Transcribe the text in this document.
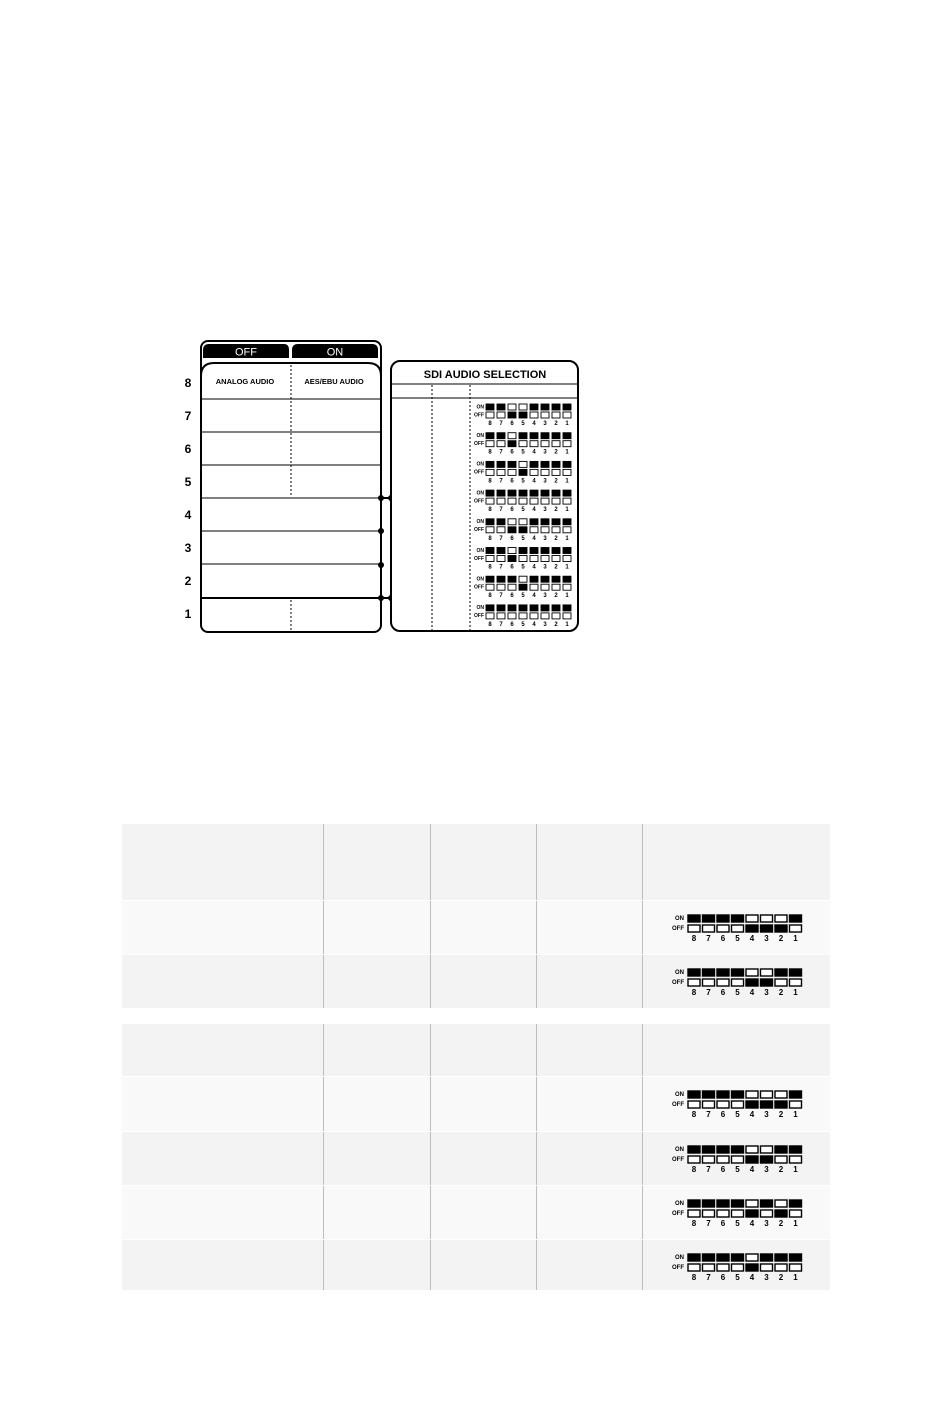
OFF	ON
ANALOG AUDIO	AES/EBU AUDIO
8
7
6
5
4
3
2
1
SDI AUDIO SELECTION
ON
OFF
8 7 6 5 4 3 2 1
ON
OFF
8 7 6 5 4 3 2 1
ON
OFF
8 7 6 5 4 3 2 1
ON
OFF
8 7 6 5 4 3 2 1
ON
OFF
8 7 6 5 4 3 2 1
ON
OFF
8 7 6 5 4 3 2 1
ON
OFF
8 7 6 5 4 3 2 1
ON
OFF
8 7 6 5 4 3 2 1
ON
OFF
8 7 6 5 4 3 2 1
ON
OFF
8 7 6 5 4 3 2 1
ON
OFF
8 7 6 5 4 3 2 1
ON
OFF
8 7 6 5 4 3 2 1
ON
OFF
8 7 6 5 4 3 2 1
ON
OFF
8 7 6 5 4 3 2 1
